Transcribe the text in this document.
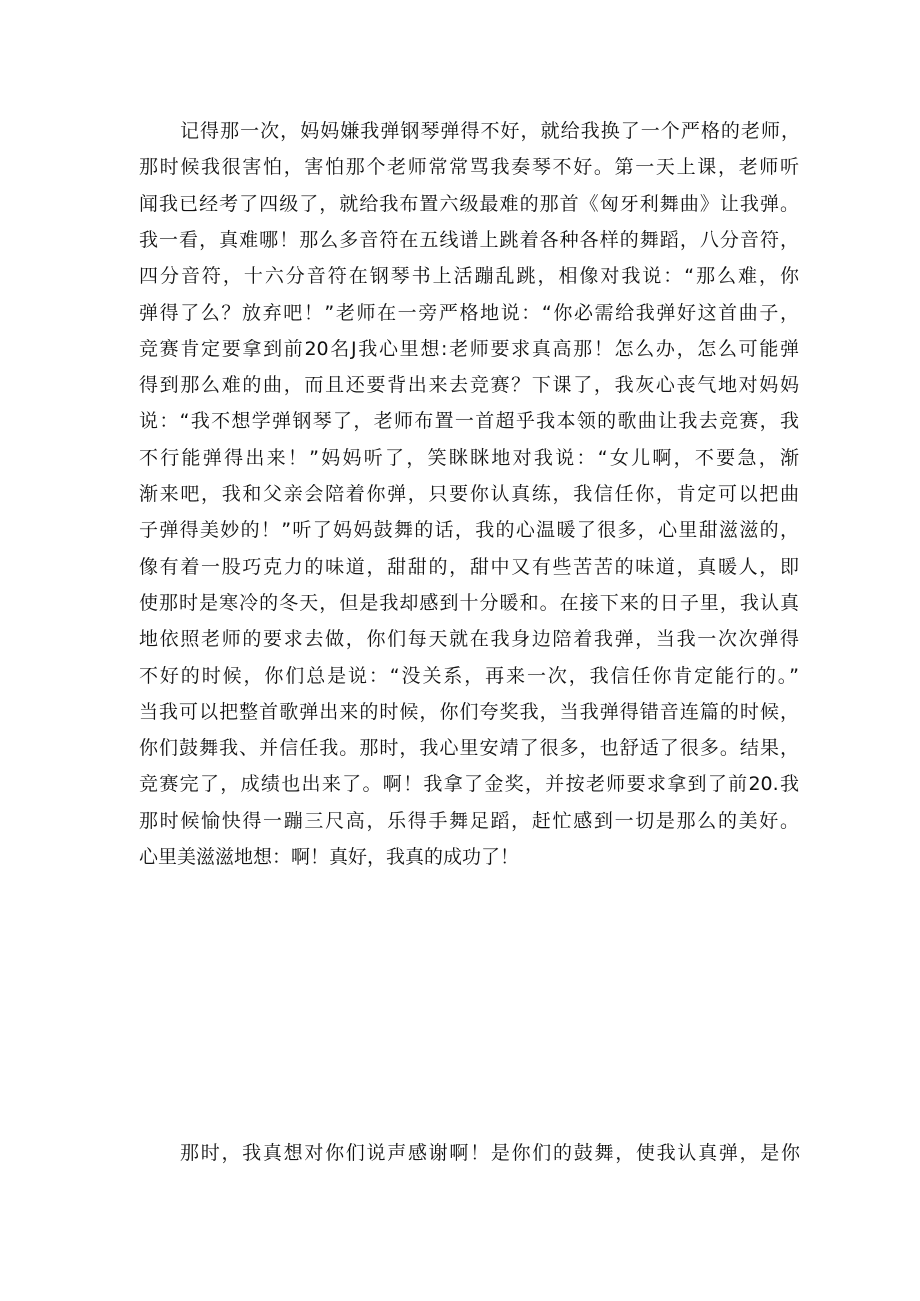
记得那一次，妈妈嫌我弹钢琴弹得不好，就给我换了一个严格的老师，
那时候我很害怕，害怕那个老师常常骂我奏琴不好。第一天上课，老师听
闻我已经考了四级了，就给我布置六级最难的那首《匈牙利舞曲》让我弹。
我一看，真难哪！那么多音符在五线谱上跳着各种各样的舞蹈，八分音符，
四分音符，十六分音符在钢琴书上活蹦乱跳，相像对我说：“那么难，你
弹得了么？放弃吧！”老师在一旁严格地说：“你必需给我弹好这首曲子，
竞赛肯定要拿到前20名J我心里想:老师要求真高那！怎么办，怎么可能弹
得到那么难的曲，而且还要背出来去竞赛？下课了，我灰心丧气地对妈妈
说：“我不想学弹钢琴了，老师布置一首超乎我本领的歌曲让我去竞赛，我
不行能弹得出来！”妈妈听了，笑眯眯地对我说：“女儿啊，不要急，渐
渐来吧，我和父亲会陪着你弹，只要你认真练，我信任你，肯定可以把曲
子弹得美妙的！”听了妈妈鼓舞的话，我的心温暖了很多，心里甜滋滋的，
像有着一股巧克力的味道，甜甜的，甜中又有些苦苦的味道，真暖人，即
使那时是寒冷的冬天，但是我却感到十分暖和。在接下来的日子里，我认真
地依照老师的要求去做，你们每天就在我身边陪着我弹，当我一次次弹得
不好的时候，你们总是说：“没关系，再来一次，我信任你肯定能行的。”
当我可以把整首歌弹出来的时候，你们夸奖我，当我弹得错音连篇的时候，
你们鼓舞我、并信任我。那时，我心里安靖了很多，也舒适了很多。结果，
竞赛完了，成绩也出来了。啊！我拿了金奖，并按老师要求拿到了前20.我
那时候愉快得一蹦三尺高，乐得手舞足蹈，赶忙感到一切是那么的美好。
心里美滋滋地想：啊！真好，我真的成功了！
那时，我真想对你们说声感谢啊！是你们的鼓舞，使我认真弹，是你
